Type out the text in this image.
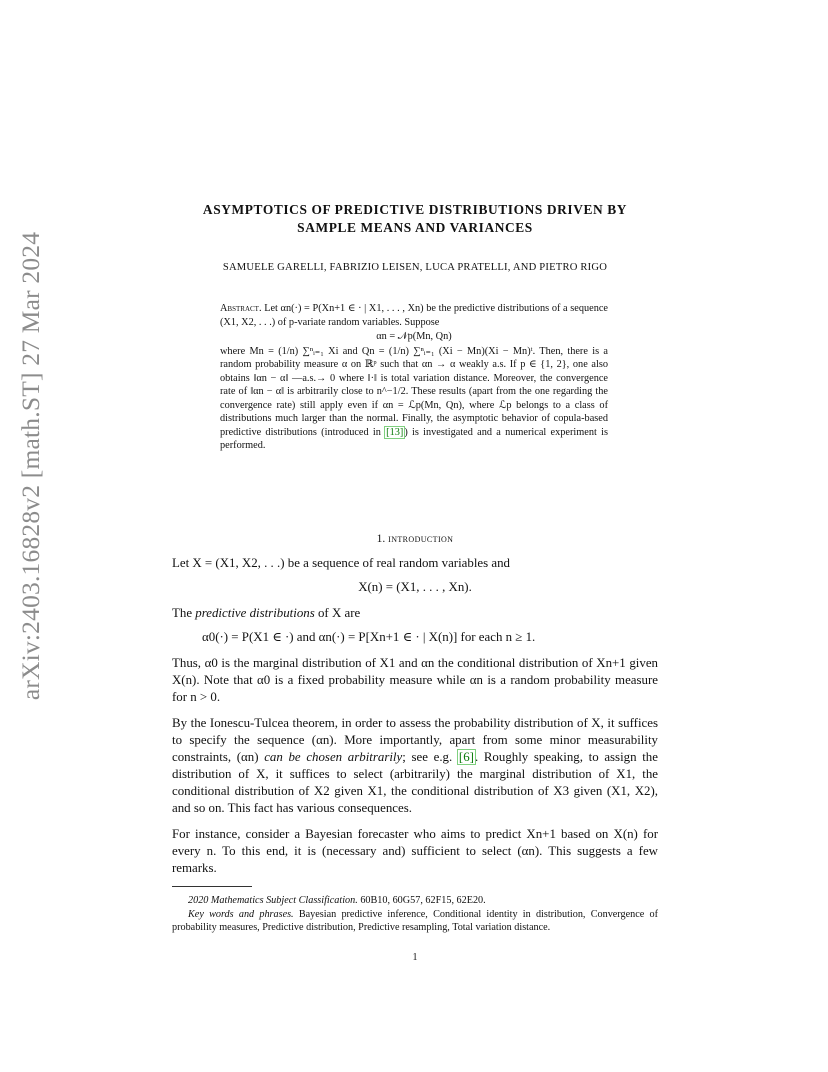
arXiv:2403.16828v2 [math.ST] 27 Mar 2024
ASYMPTOTICS OF PREDICTIVE DISTRIBUTIONS DRIVEN BY
SAMPLE MEANS AND VARIANCES
SAMUELE GARELLI, FABRIZIO LEISEN, LUCA PRATELLI, AND PIETRO RIGO

Abstract. Let αn(·) = P(Xn+1 ∈ · | X1, . . . , Xn) be the predictive distributions of a sequence (X1, X2, . . .) of p-variate random variables. Suppose

αn = 𝒩p(Mn, Qn)

where Mn = (1/n) ∑ⁿᵢ₌₁ Xi and Qn = (1/n) ∑ⁿᵢ₌₁ (Xi − Mn)(Xi − Mn)ᵗ. Then, there is a random probability measure α on ℝᵖ such that αn → α weakly a.s. If p ∈ {1, 2}, one also obtains ‖αn − α‖ —a.s.→ 0 where ‖·‖ is total variation distance. Moreover, the convergence rate of ‖αn − α‖ is arbitrarily close to n^−1/2. These results (apart from the one regarding the convergence rate) still apply even if αn = ℒp(Mn, Qn), where ℒp belongs to a class of distributions much larger than the normal. Finally, the asymptotic behavior of copula-based predictive distributions (introduced in [13]) is investigated and a numerical experiment is performed.

1. introduction

Let X = (X1, X2, . . .) be a sequence of real random variables and

X(n) = (X1, . . . , Xn).

The predictive distributions of X are

α0(·) = P(X1 ∈ ·) and αn(·) = P[Xn+1 ∈ · | X(n)] for each n ≥ 1.

Thus, α0 is the marginal distribution of X1 and αn the conditional distribution of Xn+1 given X(n). Note that α0 is a fixed probability measure while αn is a random probability measure for n > 0.

By the Ionescu-Tulcea theorem, in order to assess the probability distribution of X, it suffices to specify the sequence (αn). More importantly, apart from some minor measurability constraints, (αn) can be chosen arbitrarily; see e.g. [6]. Roughly speaking, to assign the distribution of X, it suffices to select (arbitrarily) the marginal distribution of X1, the conditional distribution of X2 given X1, the conditional distribution of X3 given (X1, X2), and so on. This fact has various consequences.

For instance, consider a Bayesian forecaster who aims to predict Xn+1 based on X(n) for every n. To this end, it is (necessary and) sufficient to select (αn). This suggests a few remarks.

2020 Mathematics Subject Classification. 60B10, 60G57, 62F15, 62E20.

Key words and phrases. Bayesian predictive inference, Conditional identity in distribution, Convergence of probability measures, Predictive distribution, Predictive resampling, Total variation distance.

1
